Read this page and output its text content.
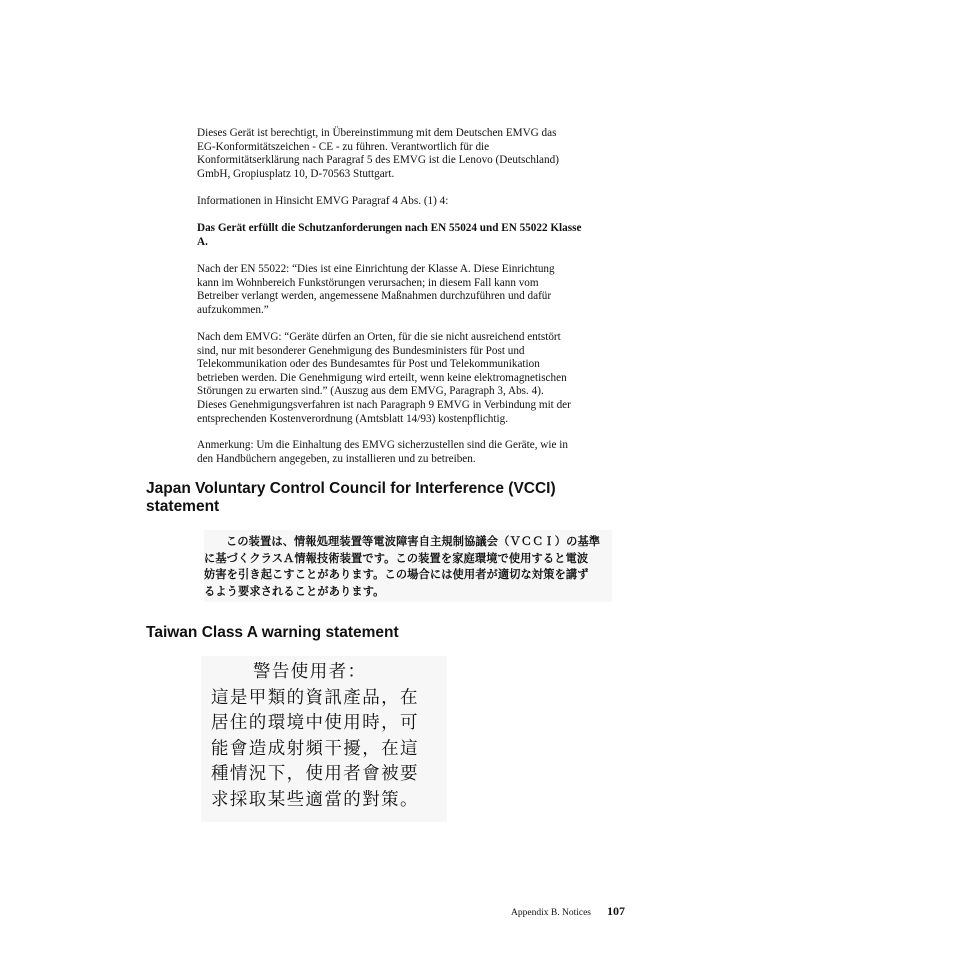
Dieses Gerät ist berechtigt, in Übereinstimmung mit dem Deutschen EMVG das
EG-Konformitätszeichen - CE - zu führen. Verantwortlich für die
Konformitätserklärung nach Paragraf 5 des EMVG ist die Lenovo (Deutschland)
GmbH, Gropiusplatz 10, D-70563 Stuttgart.

Informationen in Hinsicht EMVG Paragraf 4 Abs. (1) 4:

Das Gerät erfüllt die Schutzanforderungen nach EN 55024 und EN 55022 Klasse
A.

Nach der EN 55022: “Dies ist eine Einrichtung der Klasse A. Diese Einrichtung
kann im Wohnbereich Funkstörungen verursachen; in diesem Fall kann vom
Betreiber verlangt werden, angemessene Maßnahmen durchzuführen und dafür
aufzukommen.”

Nach dem EMVG: “Geräte dürfen an Orten, für die sie nicht ausreichend entstört
sind, nur mit besonderer Genehmigung des Bundesministers für Post und
Telekommunikation oder des Bundesamtes für Post und Telekommunikation
betrieben werden. Die Genehmigung wird erteilt, wenn keine elektromagnetischen
Störungen zu erwarten sind.” (Auszug aus dem EMVG, Paragraph 3, Abs. 4).
Dieses Genehmigungsverfahren ist nach Paragraph 9 EMVG in Verbindung mit der
entsprechenden Kostenverordnung (Amtsblatt 14/93) kostenpflichtig.

Anmerkung: Um die Einhaltung des EMVG sicherzustellen sind die Geräte, wie in
den Handbüchern angegeben, zu installieren und zu betreiben.

Japan Voluntary Control Council for Interference (VCCI)
statement
この装置は、情報処理装置等電波障害自主規制協議会（ＶＣＣＩ）の基準
に基づくクラスＡ情報技術装置です。この装置を家庭環境で使用すると電波
妨害を引き起こすことがあります。この場合には使用者が適切な対策を講ず
るよう要求されることがあります。
Taiwan Class A warning statement
警告使用者：
這是甲類的資訊產品，在
居住的環境中使用時，可
能會造成射頻干擾，在這
種情況下，使用者會被要
求採取某些適當的對策。
Appendix B. Notices 107
